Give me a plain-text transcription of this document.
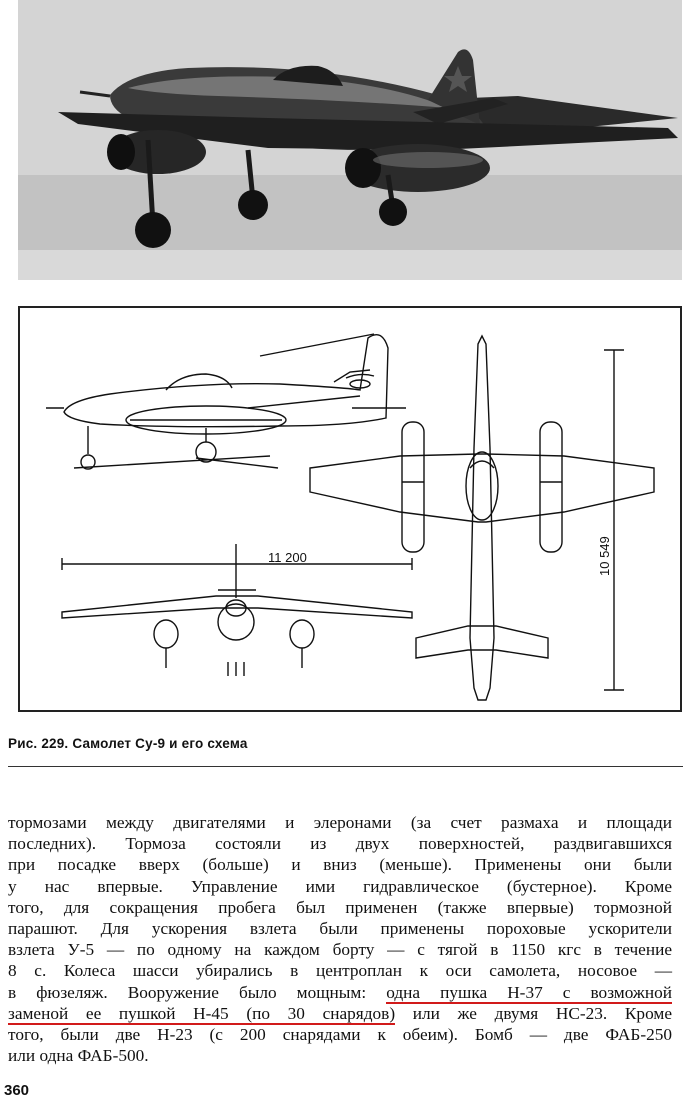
11 200	10 549
Рис. 229. Самолет Су-9 и его схема
тормозами между двигателями и элеронами (за счет размаха и площади
последних). Тормоза состояли из двух поверхностей, раздвигавшихся
при посадке вверх (больше) и вниз (меньше). Применены они были
у нас впервые. Управление ими гидравлическое (бустерное). Кроме
того, для сокращения пробега был применен (также впервые) тормозной
парашют. Для ускорения взлета были применены пороховые ускорители
взлета У-5 — по одному на каждом борту — с тягой в 1150 кгс в течение
8 с. Колеса шасси убирались в центроплан к оси самолета, носовое —
в фюзеляж. Вооружение было мощным: одна пушка Н-37 с возможной
заменой ее пушкой Н-45 (по 30 снарядов) или же двумя НС-23. Кроме
того, были две Н-23 (с 200 снарядами к обеим). Бомб — две ФАБ-250
или одна ФАБ-500.
360
